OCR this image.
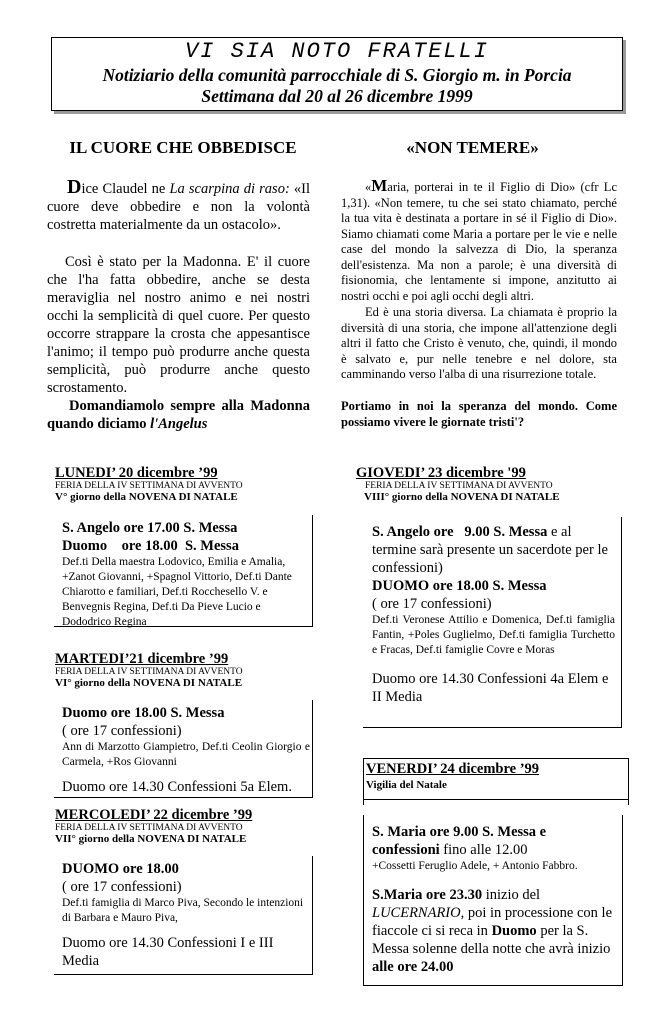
VI SIA NOTO FRATELLI
Notiziario della comunità parrocchiale di S. Giorgio m. in Porcia
Settimana dal 20 al 26 dicembre 1999
IL CUORE CHE OBBEDISCE
Dice Claudel ne La scarpina di raso: «Il cuore deve obbedire e non la volontà costretta materialmente da un ostacolo».
Così è stato per la Madonna. E' il cuore che l'ha fatta obbedire, anche se desta meraviglia nel nostro animo e nei nostri occhi la semplicità di quel cuore. Per questo occorre strappare la crosta che appesantisce l'animo; il tempo può produrre anche questa semplicità, può produrre anche questo scrostamento.
Domandiamolo sempre alla Madonna quando diciamo l'Angelus
«NON TEMERE»
«Maria, porterai in te il Figlio di Dio» (cfr Lc 1,31). «Non temere, tu che sei stato chiamato, perché la tua vita è destinata a portare in sé il Figlio di Dio». Siamo chiamati come Maria a portare per le vie e nelle case del mondo la salvezza di Dio, la speranza dell'esistenza. Ma non a parole; è una diversità di fisionomia, che lentamente si impone, anzitutto ai nostri occhi e poi agli occhi degli altri.
Ed è una storia diversa. La chiamata è proprio la diversità di una storia, che impone all'attenzione degli altri il fatto che Cristo è venuto, che, quindi, il mondo è salvato e, pur nelle tenebre e nel dolore, sta camminando verso l'alba di una risurrezione totale.
Portiamo in noi la speranza del mondo. Come possiamo vivere le giornate tristi'?
LUNEDI’ 20 dicembre ’99
FERIA DELLA IV SETTIMANA DI AVVENTO
V° giorno della NOVENA DI NATALE
S. Angelo ore 17.00 S. Messa
Duomo    ore 18.00  S. Messa
Def.ti Della maestra Lodovico, Emilia e Amalia, +Zanot Giovanni, +Spagnol Vittorio, Def.ti Dante Chiarotto e familiari, Def.ti Rocchesello V. e Benvegnis Regina, Def.ti Da Pieve Lucio e Dododrico Regina
MARTEDI’21 dicembre ’99
FERIA DELLA IV SETTIMANA DI AVVENTO
VI° giorno della NOVENA DI NATALE
Duomo ore 18.00 S. Messa
( ore 17 confessioni)
Ann di Marzotto Giampietro, Def.ti Ceolin Giorgio e Carmela, +Ros Giovanni
Duomo ore 14.30 Confessioni 5a Elem.
MERCOLEDI’ 22 dicembre ’99
FERIA DELLA IV SETTIMANA DI AVVENTO
VII° giorno della NOVENA DI NATALE
DUOMO ore 18.00
( ore 17 confessioni)
Def.ti famiglia di Marco Piva, Secondo le intenzioni di Barbara e Mauro Piva,
Duomo ore 14.30 Confessioni I e III Media
GIOVEDI’ 23 dicembre '99
FERIA DELLA IV SETTIMANA DI AVVENTO
VIII° giorno della NOVENA DI NATALE
S. Angelo ore   9.00 S. Messa e al termine sarà presente un sacerdote per le confessioni)
DUOMO ore 18.00 S. Messa
( ore 17 confessioni)
Def.ti Veronese Attilio e Domenica, Def.ti famiglia Fantin, +Poles Guglielmo, Def.ti famiglia Turchetto e Fracas, Def.ti famiglie Covre e Moras
Duomo ore 14.30 Confessioni 4a Elem e II Media
VENERDI’ 24 dicembre ’99
Vigilia del Natale
S. Maria ore 9.00 S. Messa e confessioni fino alle 12.00
+Cossetti Feruglio Adele, + Antonio Fabbro.
S.Maria ore 23.30 inizio del LUCERNARIO, poi in processione con le fiaccole ci si reca in Duomo per la S. Messa solenne della notte che avrà inizio alle ore 24.00
